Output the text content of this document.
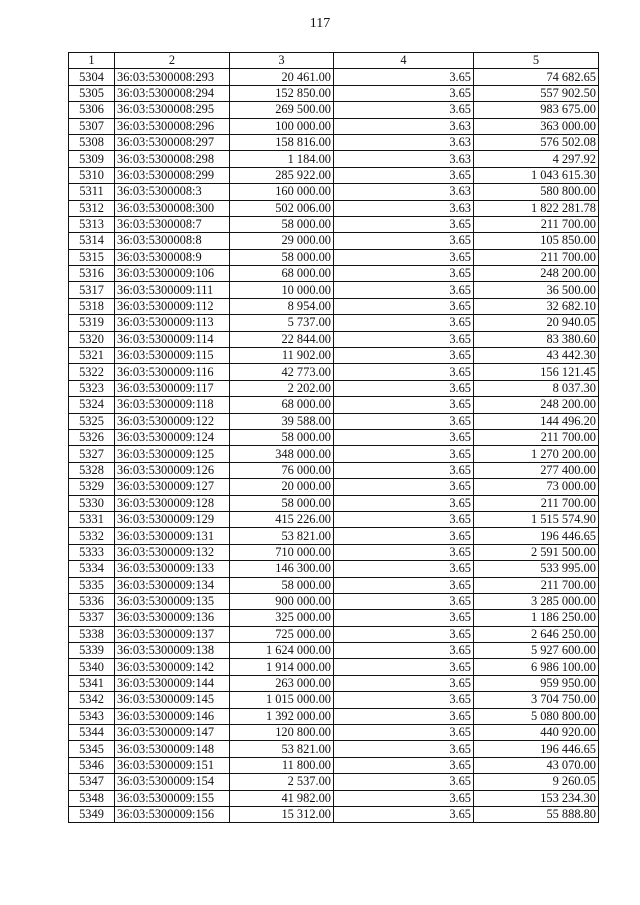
117
1	2	3	4	5
5304	36:03:5300008:293	20 461.00	3.65	74 682.65
5305	36:03:5300008:294	152 850.00	3.65	557 902.50
5306	36:03:5300008:295	269 500.00	3.65	983 675.00
5307	36:03:5300008:296	100 000.00	3.63	363 000.00
5308	36:03:5300008:297	158 816.00	3.63	576 502.08
5309	36:03:5300008:298	1 184.00	3.63	4 297.92
5310	36:03:5300008:299	285 922.00	3.65	1 043 615.30
5311	36:03:5300008:3	160 000.00	3.63	580 800.00
5312	36:03:5300008:300	502 006.00	3.63	1 822 281.78
5313	36:03:5300008:7	58 000.00	3.65	211 700.00
5314	36:03:5300008:8	29 000.00	3.65	105 850.00
5315	36:03:5300008:9	58 000.00	3.65	211 700.00
5316	36:03:5300009:106	68 000.00	3.65	248 200.00
5317	36:03:5300009:111	10 000.00	3.65	36 500.00
5318	36:03:5300009:112	8 954.00	3.65	32 682.10
5319	36:03:5300009:113	5 737.00	3.65	20 940.05
5320	36:03:5300009:114	22 844.00	3.65	83 380.60
5321	36:03:5300009:115	11 902.00	3.65	43 442.30
5322	36:03:5300009:116	42 773.00	3.65	156 121.45
5323	36:03:5300009:117	2 202.00	3.65	8 037.30
5324	36:03:5300009:118	68 000.00	3.65	248 200.00
5325	36:03:5300009:122	39 588.00	3.65	144 496.20
5326	36:03:5300009:124	58 000.00	3.65	211 700.00
5327	36:03:5300009:125	348 000.00	3.65	1 270 200.00
5328	36:03:5300009:126	76 000.00	3.65	277 400.00
5329	36:03:5300009:127	20 000.00	3.65	73 000.00
5330	36:03:5300009:128	58 000.00	3.65	211 700.00
5331	36:03:5300009:129	415 226.00	3.65	1 515 574.90
5332	36:03:5300009:131	53 821.00	3.65	196 446.65
5333	36:03:5300009:132	710 000.00	3.65	2 591 500.00
5334	36:03:5300009:133	146 300.00	3.65	533 995.00
5335	36:03:5300009:134	58 000.00	3.65	211 700.00
5336	36:03:5300009:135	900 000.00	3.65	3 285 000.00
5337	36:03:5300009:136	325 000.00	3.65	1 186 250.00
5338	36:03:5300009:137	725 000.00	3.65	2 646 250.00
5339	36:03:5300009:138	1 624 000.00	3.65	5 927 600.00
5340	36:03:5300009:142	1 914 000.00	3.65	6 986 100.00
5341	36:03:5300009:144	263 000.00	3.65	959 950.00
5342	36:03:5300009:145	1 015 000.00	3.65	3 704 750.00
5343	36:03:5300009:146	1 392 000.00	3.65	5 080 800.00
5344	36:03:5300009:147	120 800.00	3.65	440 920.00
5345	36:03:5300009:148	53 821.00	3.65	196 446.65
5346	36:03:5300009:151	11 800.00	3.65	43 070.00
5347	36:03:5300009:154	2 537.00	3.65	9 260.05
5348	36:03:5300009:155	41 982.00	3.65	153 234.30
5349	36:03:5300009:156	15 312.00	3.65	55 888.80
